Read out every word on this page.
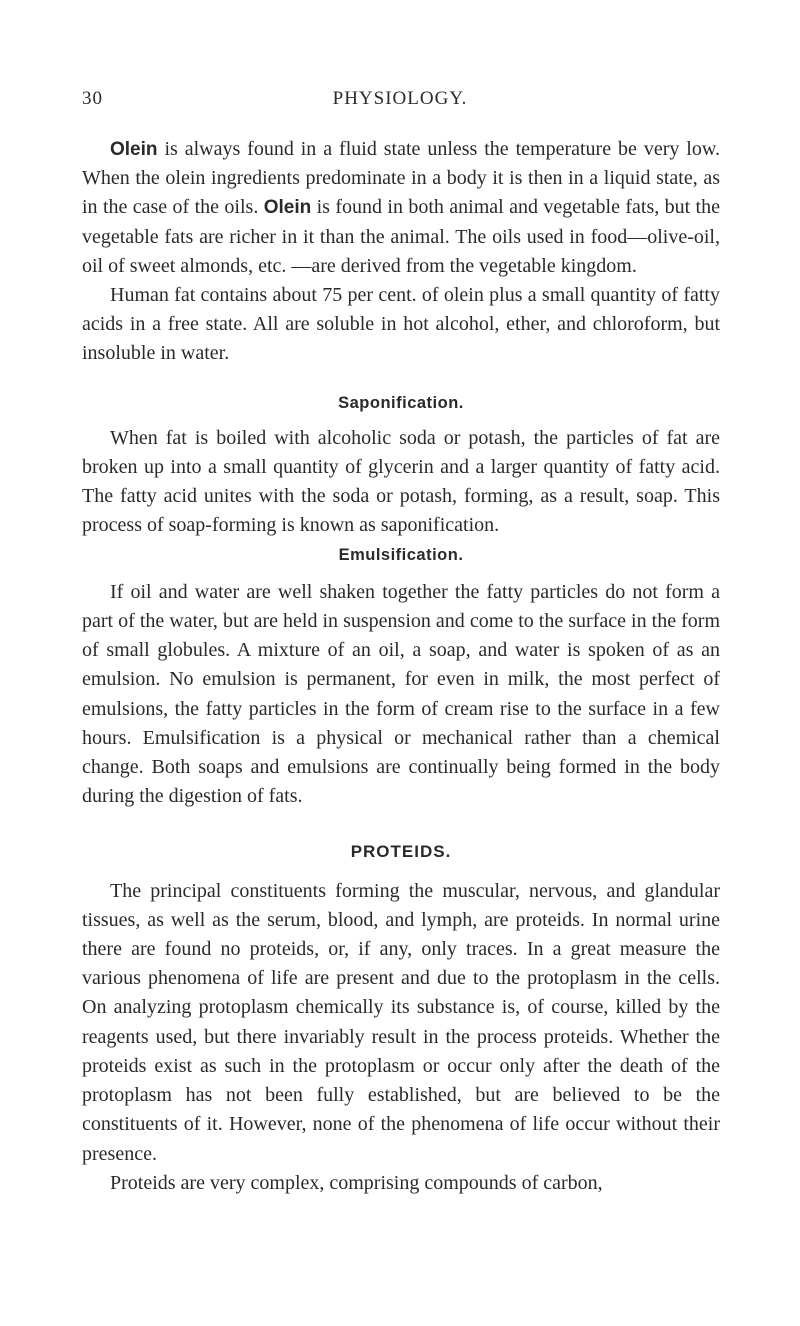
30	PHYSIOLOGY.

Olein is always found in a fluid state unless the temperature be very low. When the olein ingredients predominate in a body it is then in a liquid state, as in the case of the oils. Olein is found in both animal and vegetable fats, but the vegetable fats are richer in it than the animal. The oils used in food—olive-oil, oil of sweet almonds, etc. —are derived from the vegetable kingdom.

Human fat contains about 75 per cent. of olein plus a small quantity of fatty acids in a free state. All are soluble in hot alcohol, ether, and chloroform, but insoluble in water.

Saponification.

When fat is boiled with alcoholic soda or potash, the particles of fat are broken up into a small quantity of glycerin and a larger quantity of fatty acid. The fatty acid unites with the soda or potash, forming, as a result, soap. This process of soap-forming is known as saponification.

Emulsification.

If oil and water are well shaken together the fatty particles do not form a part of the water, but are held in suspension and come to the surface in the form of small globules. A mixture of an oil, a soap, and water is spoken of as an emulsion. No emulsion is permanent, for even in milk, the most perfect of emulsions, the fatty particles in the form of cream rise to the surface in a few hours. Emulsification is a physical or mechanical rather than a chemical change. Both soaps and emulsions are continually being formed in the body during the digestion of fats.

PROTEIDS.

The principal constituents forming the muscular, nervous, and glandular tissues, as well as the serum, blood, and lymph, are proteids. In normal urine there are found no proteids, or, if any, only traces. In a great measure the various phenomena of life are present and due to the protoplasm in the cells. On analyzing protoplasm chemically its substance is, of course, killed by the reagents used, but there invariably result in the process proteids. Whether the proteids exist as such in the protoplasm or occur only after the death of the protoplasm has not been fully established, but are believed to be the constituents of it. However, none of the phenomena of life occur without their presence.

Proteids are very complex, comprising compounds of carbon,
